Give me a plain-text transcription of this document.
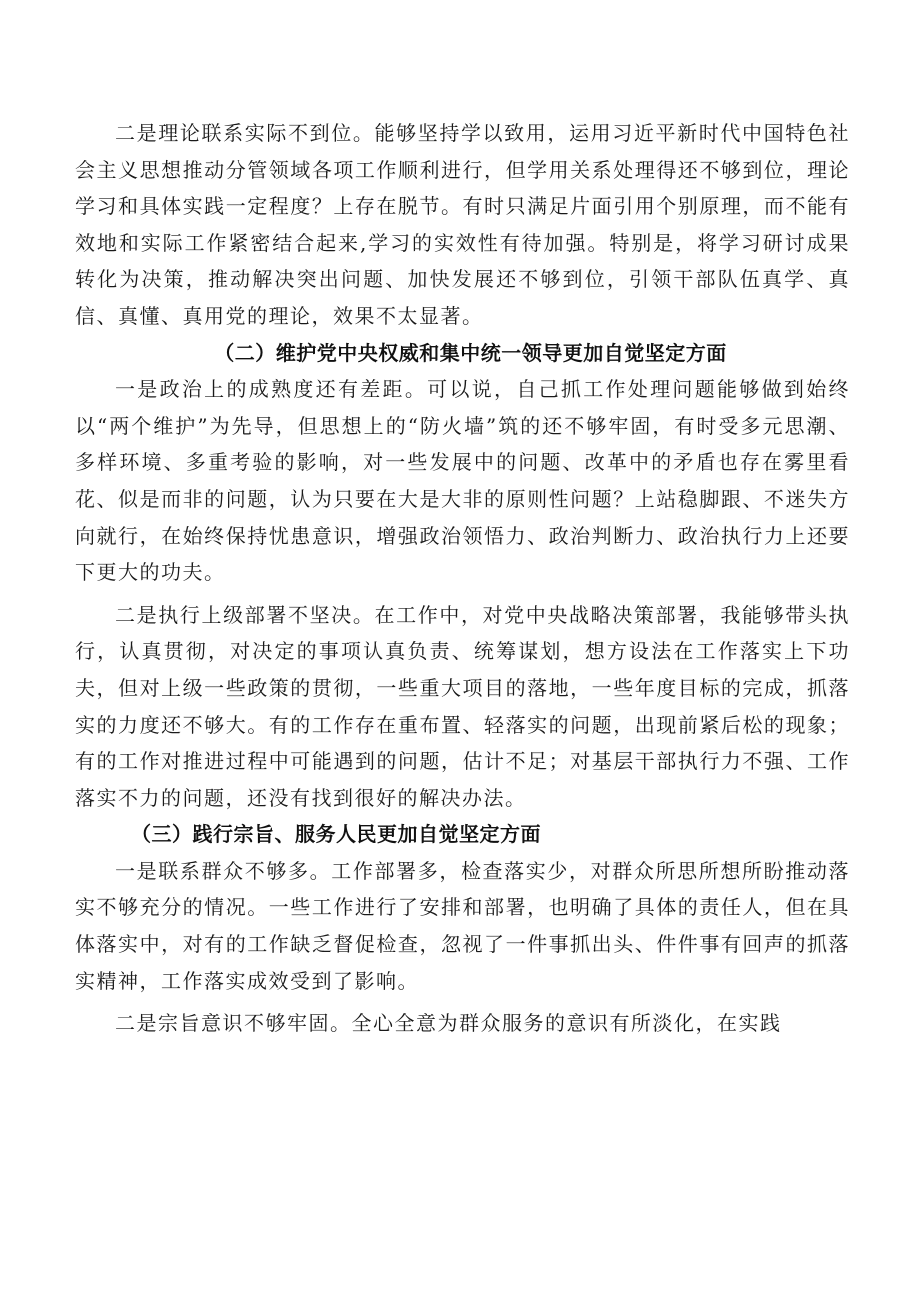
二是理论联系实际不到位。能够坚持学以致用，运用习近平新时代中国特色社会主义思想推动分管领域各项工作顺利进行，但学用关系处理得还不够到位，理论学习和具体实践一定程度？上存在脱节。有时只满足片面引用个别原理，而不能有效地和实际工作紧密结合起来,学习的实效性有待加强。特别是，将学习研讨成果转化为决策，推动解决突出问题、加快发展还不够到位，引领干部队伍真学、真信、真懂、真用党的理论，效果不太显著。

（二）维护党中央权威和集中统一领导更加自觉坚定方面

一是政治上的成熟度还有差距。可以说，自己抓工作处理问题能够做到始终以“两个维护”为先导，但思想上的“防火墙”筑的还不够牢固，有时受多元思潮、多样环境、多重考验的影响，对一些发展中的问题、改革中的矛盾也存在雾里看花、似是而非的问题，认为只要在大是大非的原则性问题？上站稳脚跟、不迷失方向就行，在始终保持忧患意识，增强政治领悟力、政治判断力、政治执行力上还要下更大的功夫。

二是执行上级部署不坚决。在工作中，对党中央战略决策部署，我能够带头执行，认真贯彻，对决定的事项认真负责、统筹谋划，想方设法在工作落实上下功夫，但对上级一些政策的贯彻，一些重大项目的落地，一些年度目标的完成，抓落实的力度还不够大。有的工作存在重布置、轻落实的问题，出现前紧后松的现象；有的工作对推进过程中可能遇到的问题，估计不足；对基层干部执行力不强、工作落实不力的问题，还没有找到很好的解决办法。

（三）践行宗旨、服务人民更加自觉坚定方面

一是联系群众不够多。工作部署多，检查落实少，对群众所思所想所盼推动落实不够充分的情况。一些工作进行了安排和部署，也明确了具体的责任人，但在具体落实中，对有的工作缺乏督促检查，忽视了一件事抓出头、件件事有回声的抓落实精神，工作落实成效受到了影响。

二是宗旨意识不够牢固。全心全意为群众服务的意识有所淡化，在实践
